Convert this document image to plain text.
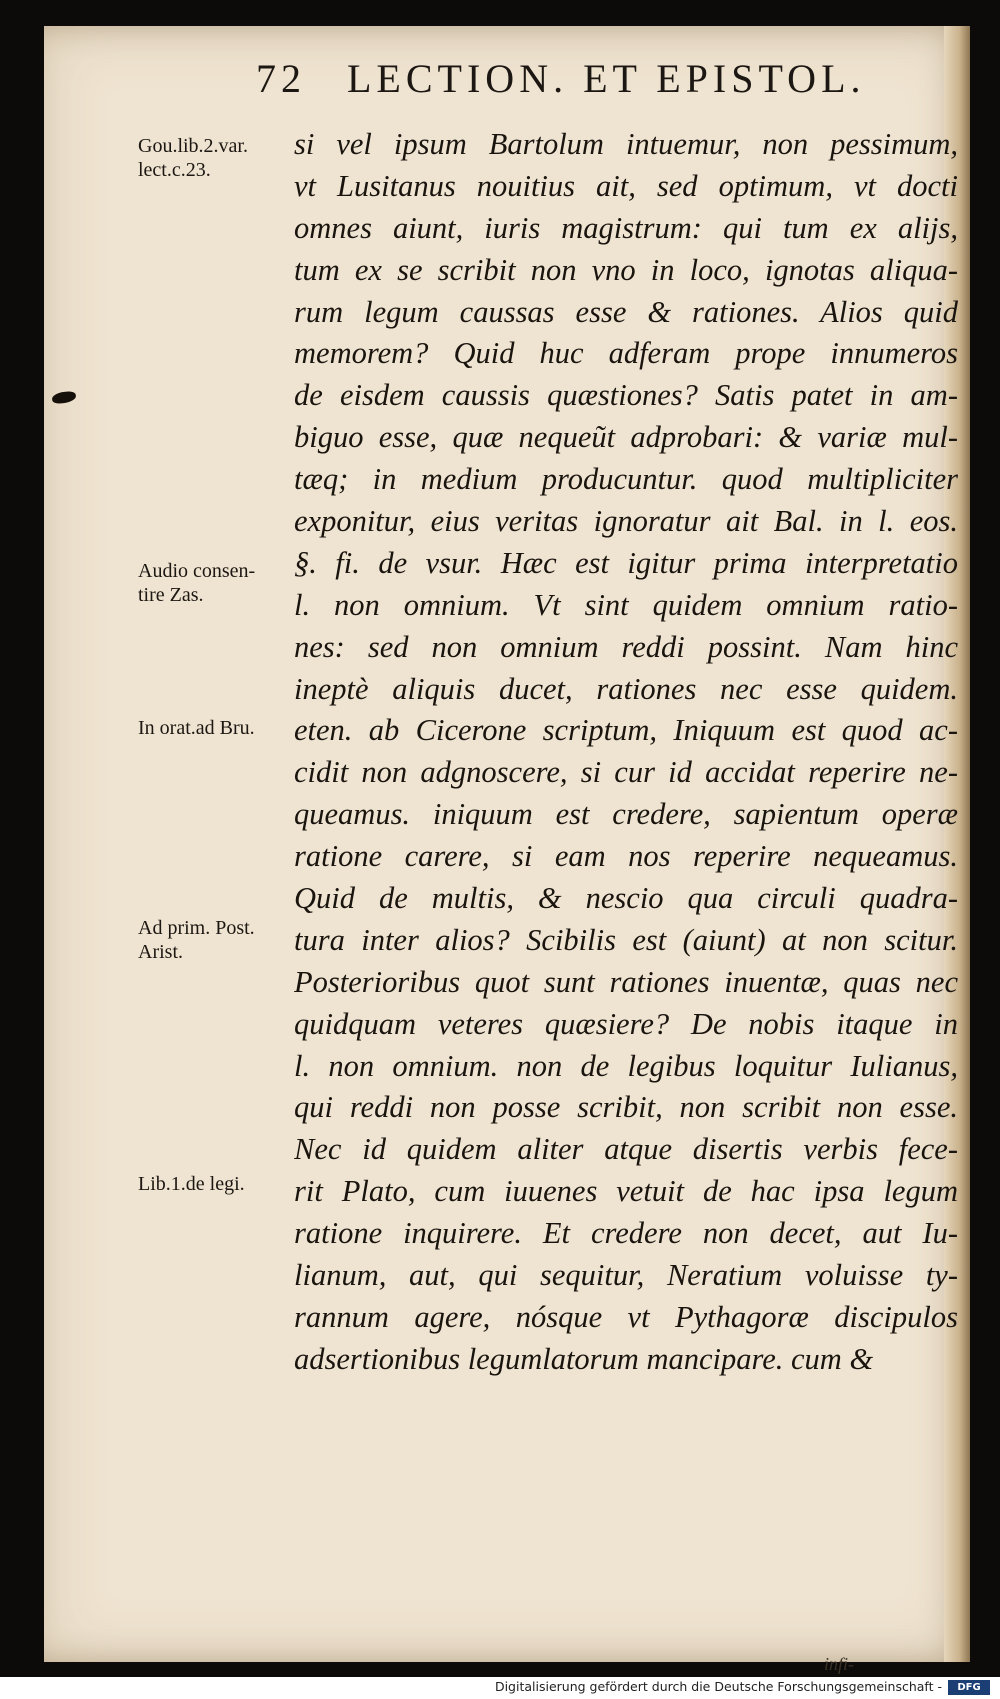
72 LECTION. ET EPISTOL.
si vel ipsum Bartolum intuemur, non pessimum,
vt Lusitanus nouitius ait, sed optimum, vt docti
omnes aiunt, iuris magistrum: qui tum ex alijs,
tum ex se scribit non vno in loco, ignotas aliqua-
rum legum caussas esse & rationes. Alios quid
memorem? Quid huc adferam prope innumeros
de eisdem caussis quæstiones? Satis patet in am-
biguo esse, quæ nequeũt adprobari: & variæ mul-
tæq; in medium producuntur. quod multipliciter
exponitur, eius veritas ignoratur ait Bal. in l. eos.
§. fi. de vsur. Hæc est igitur prima interpretatio
l. non omnium. Vt sint quidem omnium ratio-
nes: sed non omnium reddi possint. Nam hinc
ineptè aliquis ducet, rationes nec esse quidem.
eten. ab Cicerone scriptum, Iniquum est quod ac-
cidit non adgnoscere, si cur id accidat reperire ne-
queamus. iniquum est credere, sapientum operæ
ratione carere, si eam nos reperire nequeamus.
Quid de multis, & nescio qua circuli quadra-
tura inter alios? Scibilis est (aiunt) at non scitur.
Posterioribus quot sunt rationes inuentæ, quas nec
quidquam veteres quæsiere? De nobis itaque in
l. non omnium. non de legibus loquitur Iulianus,
qui reddi non posse scribit, non scribit non esse.
Nec id quidem aliter atque disertis verbis fece-
rit Plato, cum iuuenes vetuit de hac ipsa legum
ratione inquirere. Et credere non decet, aut Iu-
lianum, aut, qui sequitur, Neratium voluisse ty-
rannum agere, nósque vt Pythagoræ discipulos
adsertionibus legumlatorum mancipare. cum &
infi-
Gou.lib.2.var.
lect.c.23.
Audio consen-
tire Zas.
In orat.ad Bru.
Ad prim. Post.
Arist.
Lib.1.de legi.
Digitalisierung gefördert durch die Deutsche Forschungsgemeinschaft -	DFG
